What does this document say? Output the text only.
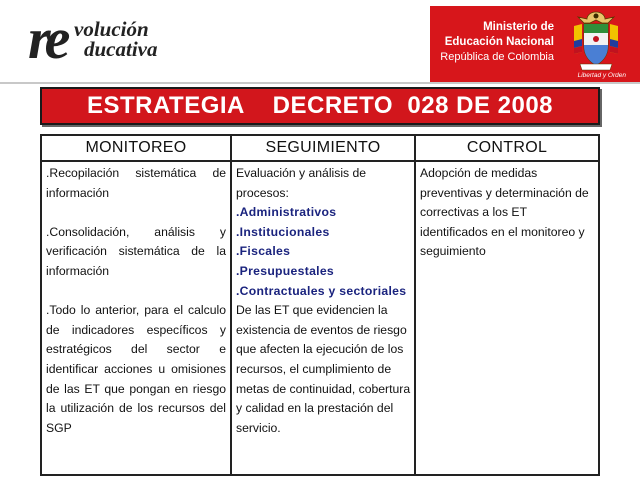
re volución
ducativa
Ministerio de
Educación Nacional
República de Colombia
Libertad y Orden
ESTRATEGIA    DECRETO  028 DE 2008
MONITOREO	SEGUIMIENTO	CONTROL

.Recopilación sistemática de información

.Consolidación, análisis y verificación sistemática de la información

.Todo lo anterior, para el calculo de indicadores específicos y estratégicos del sector e identificar acciones u omisiones de las ET que pongan en riesgo la utilización de los recursos del SGP

Evaluación y análisis de procesos:

.Administrativos

.Institucionales

.Fiscales

.Presupuestales

.Contractuales y sectoriales

De las ET que evidencien la existencia de eventos de riesgo que afecten la ejecución de los recursos, el cumplimiento de metas de continuidad, cobertura y calidad en la prestación del servicio.

Adopción de medidas preventivas y determinación de correctivas a los ET identificados en el monitoreo y seguimiento
